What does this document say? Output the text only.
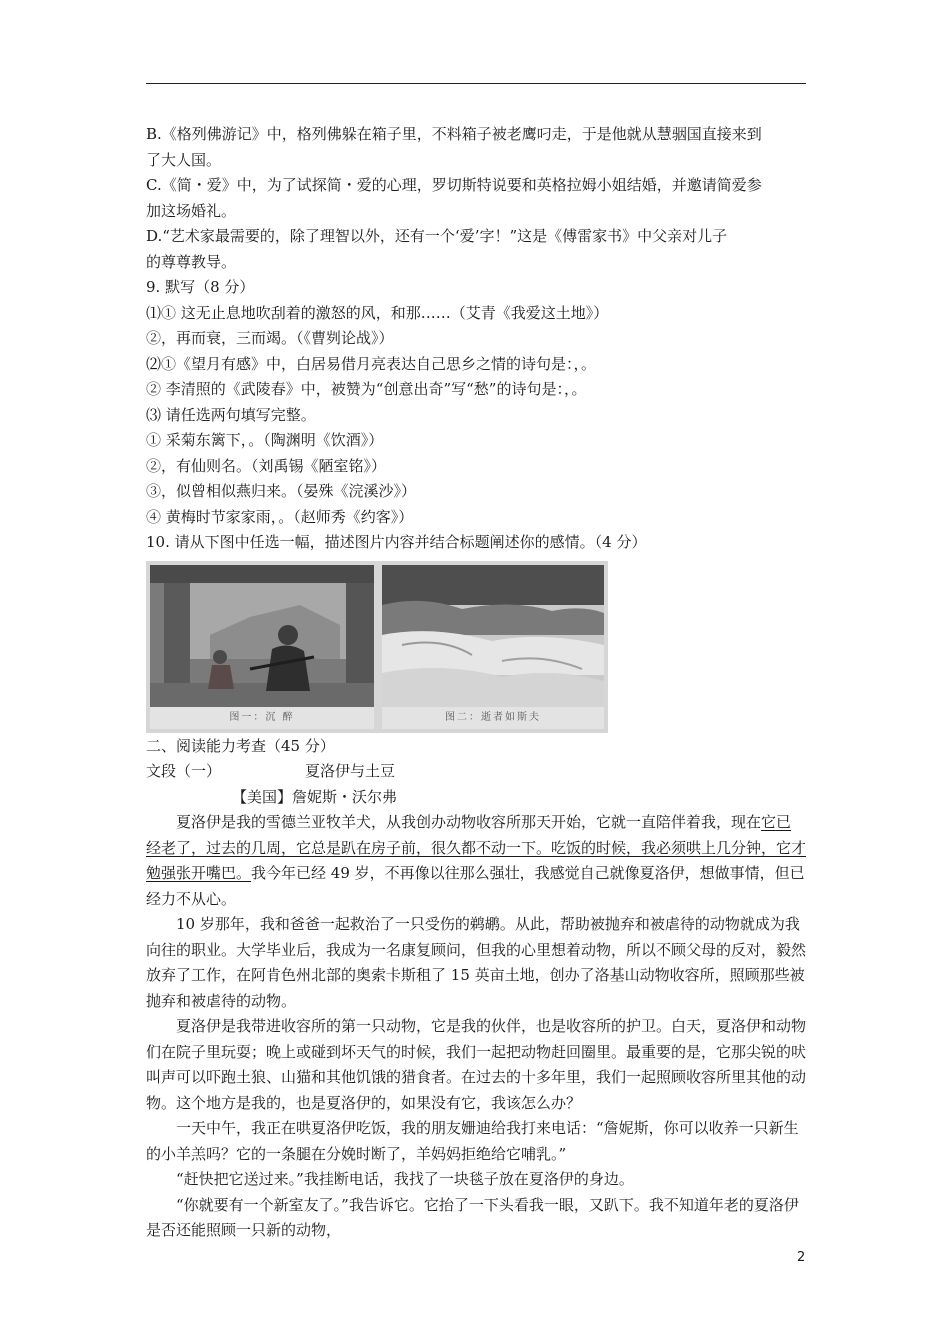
B.《格列佛游记》中，格列佛躲在箱子里，不料箱子被老鹰叼走，于是他就从慧骃国直接来到

了大人国。

C.《简・爱》中，为了试探简・爱的心理，罗切斯特说要和英格拉姆小姐结婚，并邀请简爱参

加这场婚礼。

D.“艺术家最需要的，除了理智以外，还有一个‘爱’字！”这是《傅雷家书》中父亲对儿子

的尊尊教导。

9. 默写（8 分）

⑴① 这无止息地吹刮着的激怒的风，和那……（艾青《我爱这土地》）

②，再而衰，三而竭。（《曹刿论战》）

⑵①《望月有感》中，白居易借月亮表达自己思乡之情的诗句是：，。

② 李清照的《武陵春》中，被赞为“创意出奇”写“愁”的诗句是：，。

⑶ 请任选两句填写完整。

① 采菊东篱下，。（陶渊明《饮酒》）

②，有仙则名。（刘禹锡《陋室铭》）

③，似曾相似燕归来。（晏殊《浣溪沙》）

④ 黄梅时节家家雨，。（赵师秀《约客》）

10. 请从下图中任选一幅，描述图片内容并结合标题阐述你的感情。（4 分）

图一：沉 醉	图二：逝者如斯夫

二、阅读能力考查（45 分）

文段（一）	夏洛伊与土豆

【美国】詹妮斯・沃尔弗

夏洛伊是我的雪德兰亚牧羊犬，从我创办动物收容所那天开始，它就一直陪伴着我，现在它已经老了，过去的几周，它总是趴在房子前，很久都不动一下。吃饭的时候，我必须哄上几分钟，它才勉强张开嘴巴。我今年已经 49 岁，不再像以往那么强壮，我感觉自己就像夏洛伊，想做事情，但已经力不从心。

10 岁那年，我和爸爸一起救治了一只受伤的鹈鹕。从此，帮助被抛弃和被虐待的动物就成为我向往的职业。大学毕业后，我成为一名康复顾问，但我的心里想着动物，所以不顾父母的反对，毅然放弃了工作，在阿肯色州北部的奥索卡斯租了 15 英亩土地，创办了洛基山动物收容所，照顾那些被抛弃和被虐待的动物。

夏洛伊是我带进收容所的第一只动物，它是我的伙伴，也是收容所的护卫。白天，夏洛伊和动物们在院子里玩耍；晚上或碰到坏天气的时候，我们一起把动物赶回圈里。最重要的是，它那尖锐的吠叫声可以吓跑土狼、山猫和其他饥饿的猎食者。在过去的十多年里，我们一起照顾收容所里其他的动物。这个地方是我的，也是夏洛伊的，如果没有它，我该怎么办？

一天中午，我正在哄夏洛伊吃饭，我的朋友姗迪给我打来电话：“詹妮斯，你可以收养一只新生的小羊羔吗？它的一条腿在分娩时断了，羊妈妈拒绝给它哺乳。”

“赶快把它送过来。”我挂断电话，我找了一块毯子放在夏洛伊的身边。

“你就要有一个新室友了。”我告诉它。它抬了一下头看我一眼，又趴下。我不知道年老的夏洛伊是否还能照顾一只新的动物，

2
